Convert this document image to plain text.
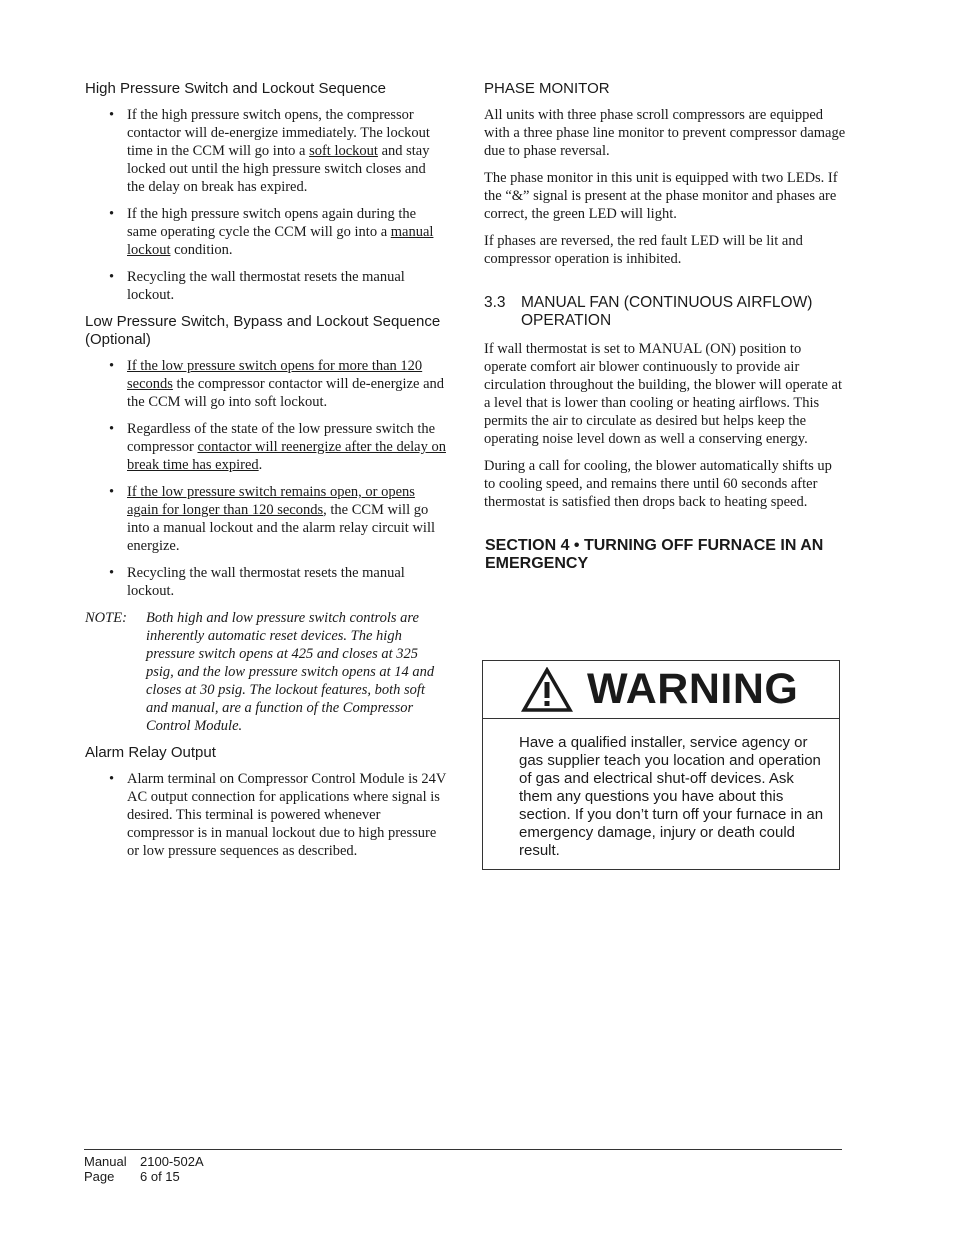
High Pressure Switch and Lockout Sequence
• If the high pressure switch opens, the compressor contactor will de-energize immediately. The lockout time in the CCM will go into a soft lockout and stay locked out until the high pressure switch closes and the delay on break has expired.
• If the high pressure switch opens again during the same operating cycle the CCM will go into a manual lockout condition.
• Recycling the wall thermostat resets the manual lockout.
Low Pressure Switch, Bypass and Lockout Sequence (Optional)
• If the low pressure switch opens for more than 120 seconds the compressor contactor will de-energize and the CCM will go into soft lockout.
• Regardless of the state of the low pressure switch the compressor contactor will reenergize after the delay on break time has expired.
• If the low pressure switch remains open, or opens again for longer than 120 seconds, the CCM will go into a manual lockout and the alarm relay circuit will energize.
• Recycling the wall thermostat resets the manual lockout.
NOTE:	Both high and low pressure switch controls are inherently automatic reset devices. The high pressure switch opens at 425 and closes at 325 psig, and the low pressure switch opens at 14 and closes at 30 psig. The lockout features, both soft and manual, are a function of the Compressor Control Module.
Alarm Relay Output
• Alarm terminal on Compressor Control Module is 24V AC output connection for applications where signal is desired. This terminal is powered whenever compressor is in manual lockout due to high pressure or low pressure sequences as described.
PHASE MONITOR

All units with three phase scroll compressors are equipped with a three phase line monitor to prevent compressor damage due to phase reversal.

The phase monitor in this unit is equipped with two LEDs. If the “&” signal is present at the phase monitor and phases are correct, the green LED will light.

If phases are reversed, the red fault LED will be lit and compressor operation is inhibited.

3.3 MANUAL FAN (CONTINUOUS AIRFLOW) OPERATION

If wall thermostat is set to MANUAL (ON) position to operate comfort air blower continuously to provide air circulation throughout the building, the blower will operate at a level that is lower than cooling or heating airflows. This permits the air to circulate as desired but helps keep the operating noise level down as well a conserving energy.

During a call for cooling, the blower automatically shifts up to cooling speed, and remains there until 60 seconds after thermostat is satisfied then drops back to heating speed.

SECTION 4 • TURNING OFF FURNACE IN AN EMERGENCY
WARNING
Have a qualified installer, service agency or gas supplier teach you location and operation of gas and electrical shut-off devices. Ask them any questions you have about this section. If you don’t turn off your furnace in an emergency damage, injury or death could result.
Manual 2100-502A
Page 6 of 15
